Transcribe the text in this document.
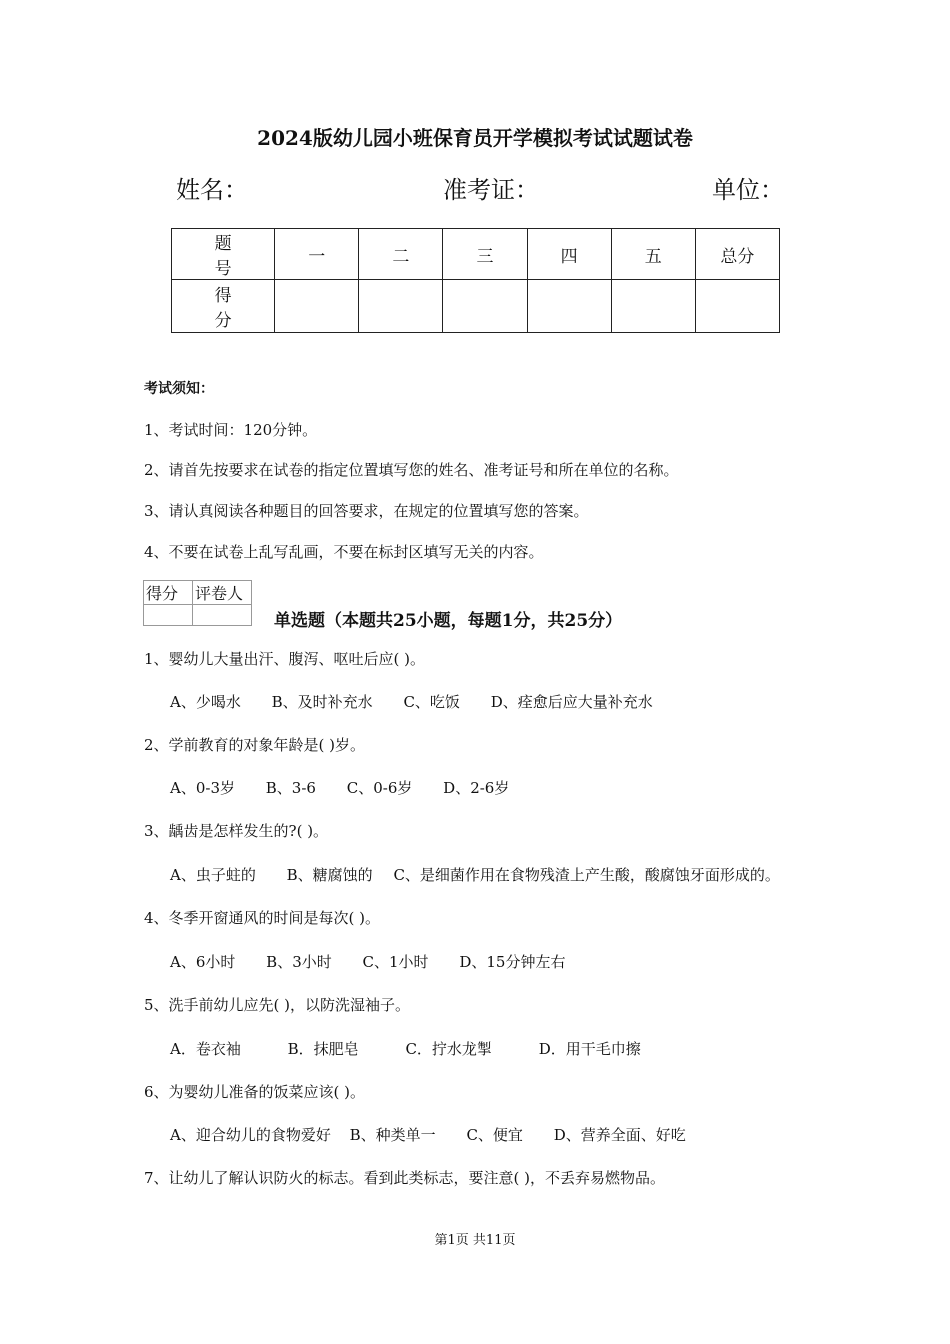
2024版幼儿园小班保育员开学模拟考试试题试卷
姓名：	准考证：	单位：
题 号	一	二	三	四	五	总分
得 分						
考试须知：
1、考试时间：120分钟。
2、请首先按要求在试卷的指定位置填写您的姓名、准考证号和所在单位的名称。
3、请认真阅读各种题目的回答要求，在规定的位置填写您的答案。
4、不要在试卷上乱写乱画，不要在标封区填写无关的内容。
得分	评卷人

单选题（本题共25小题，每题1分，共25分）
1、婴幼儿大量出汗、腹泻、呕吐后应( )。
A、少喝水 B、及时补充水 C、吃饭 D、痊愈后应大量补充水
2、学前教育的对象年龄是( )岁。
A、0-3岁 B、3-6 C、0-6岁 D、2-6岁
3、龋齿是怎样发生的?( )。
A、虫子蛀的 B、糖腐蚀的 C、是细菌作用在食物残渣上产生酸，酸腐蚀牙面形成的。
4、冬季开窗通风的时间是每次( )。
A、6小时 B、3小时 C、1小时 D、15分钟左右
5、洗手前幼儿应先( )，以防洗湿袖子。
A．卷衣袖	B．抹肥皂	C．拧水龙掣	D．用干毛巾擦
6、为婴幼儿准备的饭菜应该( )。
A、迎合幼儿的食物爱好 B、种类单一 C、便宜 D、营养全面、好吃
7、让幼儿了解认识防火的标志。看到此类标志，要注意( )，不丢弃易燃物品。
第1页 共11页
